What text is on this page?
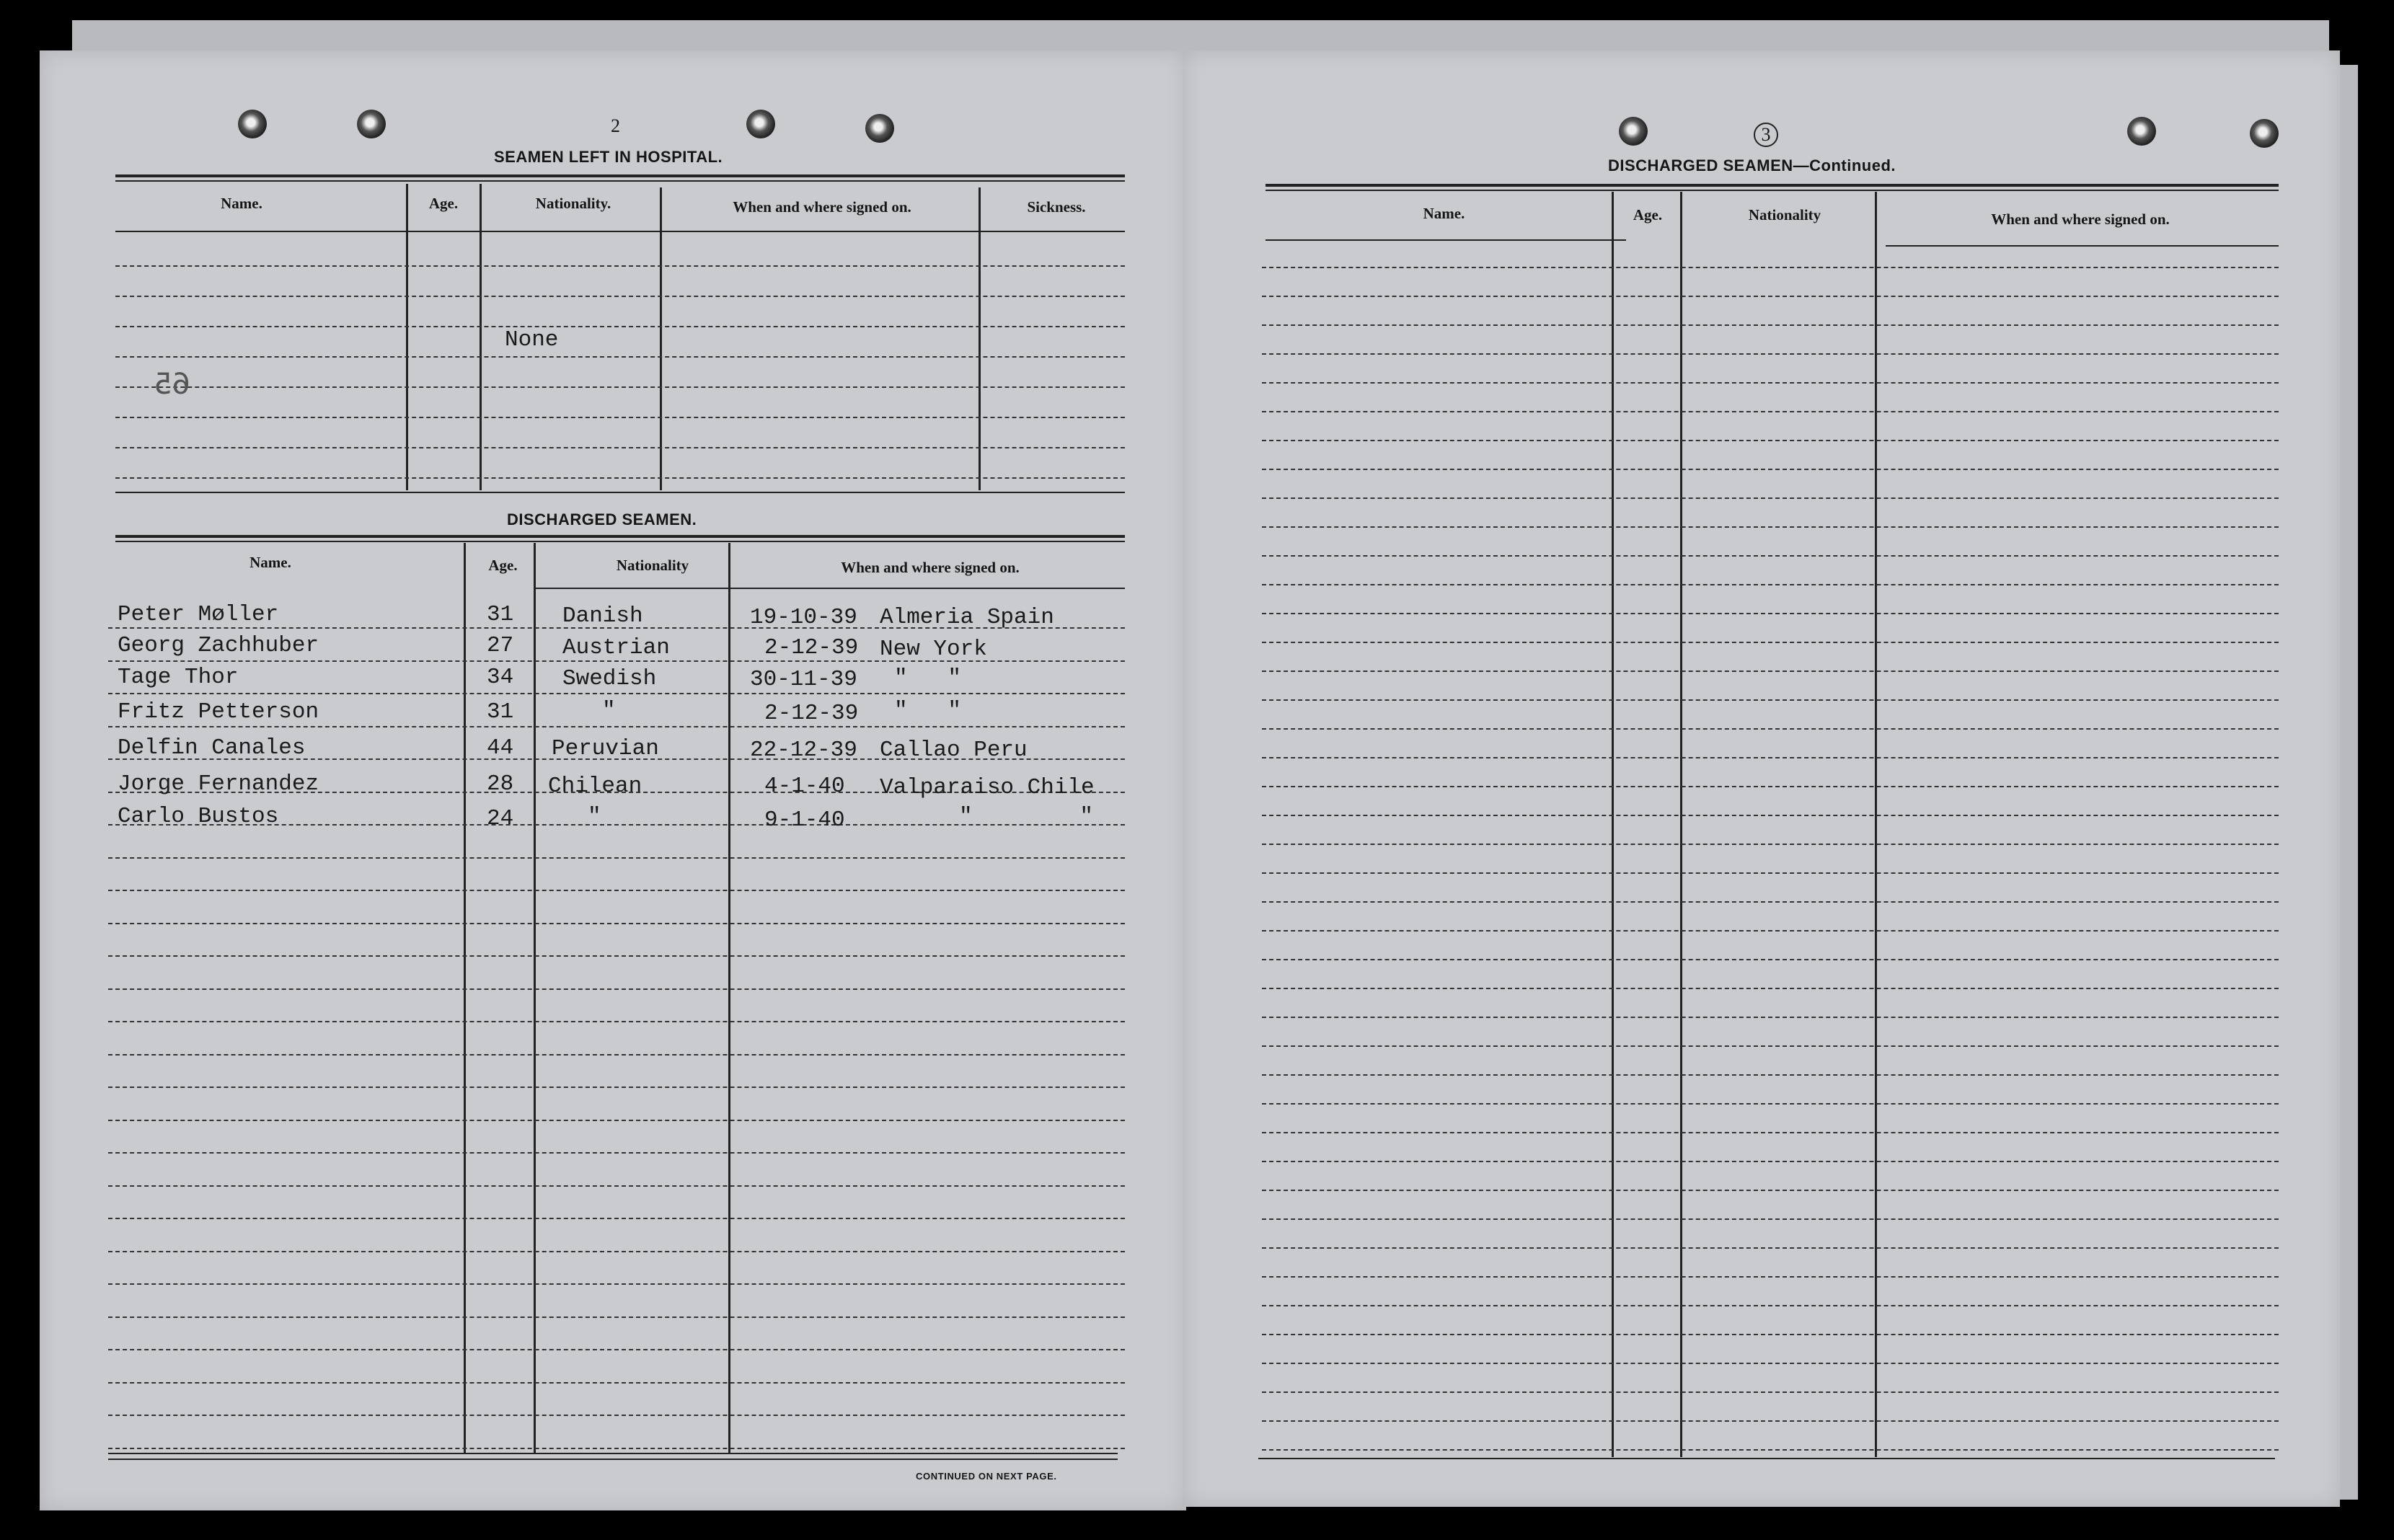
2
SEAMEN LEFT IN HOSPITAL.
Name.	Age.	Nationality.	When and where signed on.	Sickness.
None
65
DISCHARGED SEAMEN.
Name.	Age.	Nationality	When and where signed on.
Peter Møller	31 Danish	19-10-39 Almeria Spain
Georg Zachhuber	27 Austrian	2-12-39 New York
Tage Thor	34 Swedish	30-11-39 "   "
Fritz Petterson	31	"	2-12-39 "   "
Delfin Canales	44 Peruvian	22-12-39 Callao Peru
Jorge Fernandez	28 Chilean	4-1-40 Valparaiso Chile
Carlo Bustos	24	"	9-1-40	"        "
CONTINUED ON NEXT PAGE.
3
DISCHARGED SEAMEN—Continued.
Name.	Age.	Nationality	When and where signed on.
